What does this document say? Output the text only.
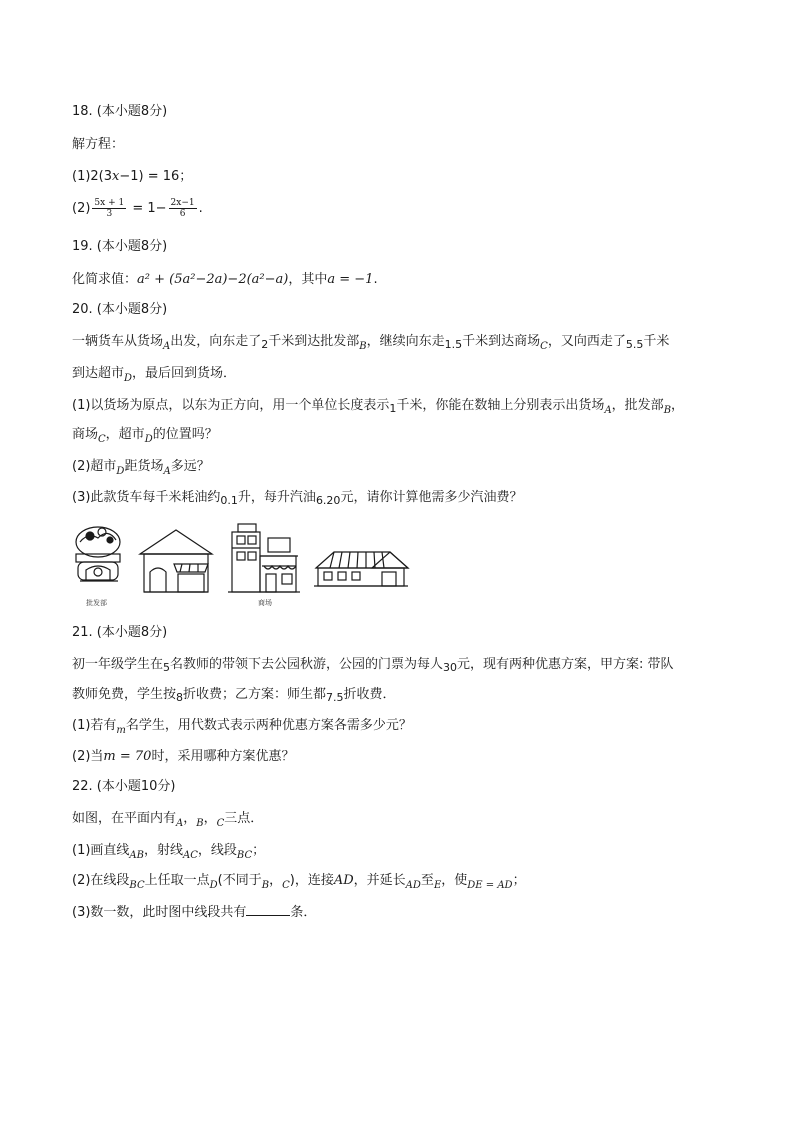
18. (本小题8分)
解方程：
(1)2(3x−1) = 16；
$(2) \frac{5x + 1}{3} = 1- \frac{2x-1}{6}$ .
19. (本小题8分)
化简求值：a² + (5a²−2a)−2(a²−a)，其中a = −1.
20. (本小题8分)
一辆货车从货场$_A$出发，向东走了$_2$千米到达批发部$_B$，继续向东走$_{1.5}$千米到达商场$_C$，又向西走了$_{5.5}$千米
到达超市$_D$，最后回到货场．
(1)以货场为原点，以东为正方向，用一个单位长度表示$_1$千米，你能在数轴上分别表示出货场$_A$，批发部$_B$，
商场$_C$，超市$_D$的位置吗？
(2)超市$_D$距货场$_A$多远？
(3)此款货车每千米耗油约$_{0.1}$升，每升汽油$_{6.20}$元，请你计算他需多少汽油费？
批发部	商场
21. (本小题8分)
初一年级学生在$_5$名教师的带领下去公园秋游，公园的门票为每人$_{30}$元，现有两种优惠方案，甲方案: 带队
教师免费，学生按$_8$折收费；乙方案：师生都$_{7.5}$折收费．
(1)若有$_m$名学生，用代数式表示两种优惠方案各需多少元？
(2)当m = 70时，采用哪种方案优惠？
22. (本小题10分)
如图，在平面内有$_A$，$_B$，$_C$三点．
(1)画直线$_{AB}$，射线$_{AC}$，线段$_{BC}$；
(2)在线段$_{BC}$上任取一点$_D$(不同于$_B$，$_C$)，连接AD，并延长$_{AD}$至$_E$，使$_{DE = AD}$；
(3)数一数，此时图中线段共有	条．
